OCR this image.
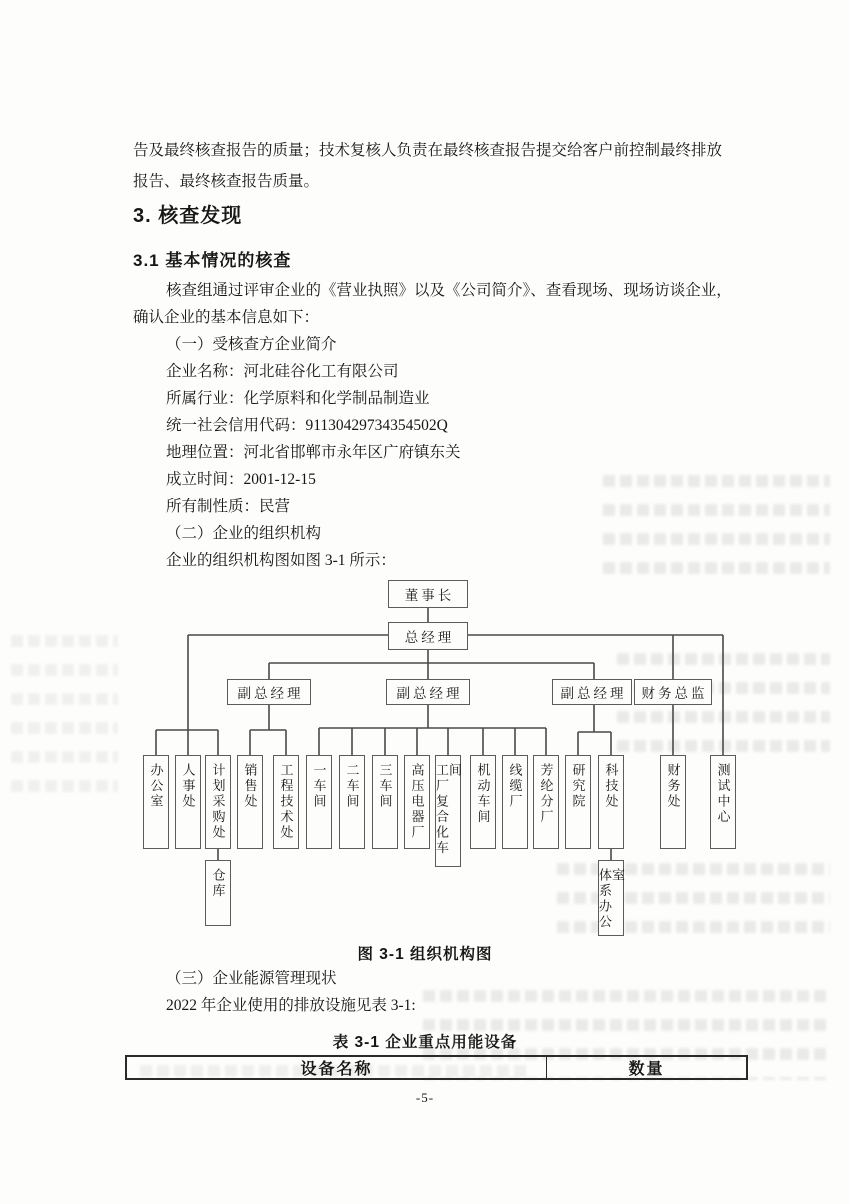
告及最终核查报告的质量；技术复核人负责在最终核查报告提交给客户前控制最终排放
报告、最终核查报告质量。
3. 核查发现
3.1 基本情况的核查
核查组通过评审企业的《营业执照》以及《公司简介》、查看现场、现场访谈企业，
确认企业的基本信息如下：
（一）受核查方企业简介
企业名称：河北硅谷化工有限公司
所属行业：化学原料和化学制品制造业
统一社会信用代码：91130429734354502Q
地理位置：河北省邯郸市永年区广府镇东关
成立时间：2001-12-15
所有制性质：民营
（二）企业的组织机构
企业的组织机构图如图 3-1 所示：
董事长
总经理
副总经理	副总经理	副总经理 财务总监
办公室 人事处 计划采购处 销售处 工程技术处 一车间 二车间 三车间 高压电器厂 工厂复合化车间 机动车间 线缆厂 芳纶分厂 研究院 科技处	财务处	测试中心
仓库	体系办公室
图 3-1 组织机构图
（三）企业能源管理现状
2022 年企业使用的排放设施见表 3-1:
表 3-1 企业重点用能设备
设备名称	数量
-5-
